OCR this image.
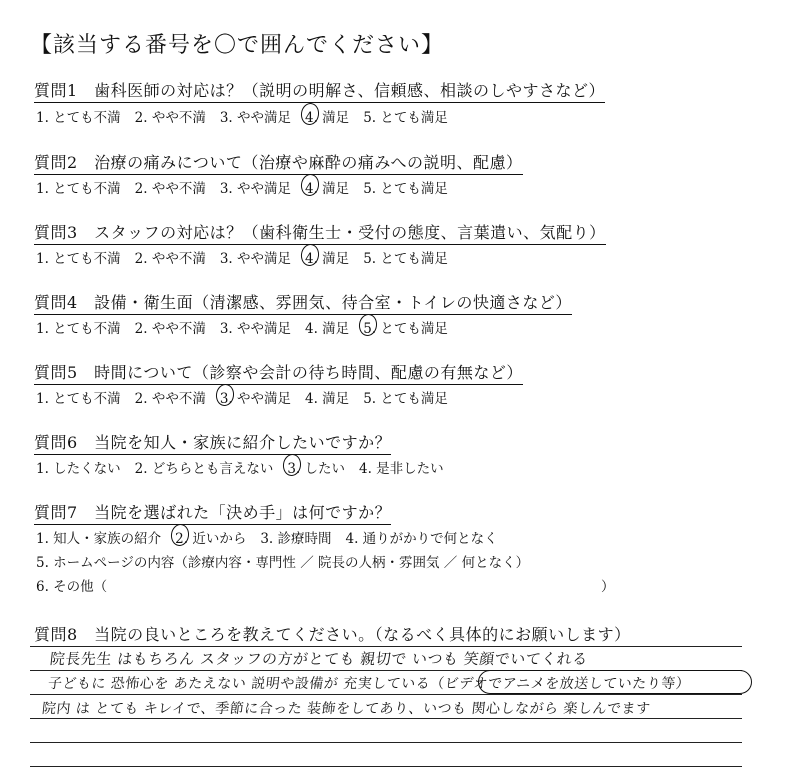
【該当する番号を〇で囲んでください】
質問1　歯科医師の対応は？（説明の明解さ、信頼感、相談のしやすさなど）
1. とても不満 2. やや不満 3. やや満足 4. 満足 5. とても満足
質問2　治療の痛みについて（治療や麻酔の痛みへの説明、配慮）
1. とても不満 2. やや不満 3. やや満足 4. 満足 5. とても満足
質問3　スタッフの対応は？（歯科衛生士・受付の態度、言葉遣い、気配り）
1. とても不満 2. やや不満 3. やや満足 4. 満足 5. とても満足
質問4　設備・衛生面（清潔感、雰囲気、待合室・トイレの快適さなど）
1. とても不満 2. やや不満 3. やや満足 4. 満足 5. とても満足
質問5　時間について（診察や会計の待ち時間、配慮の有無など）
1. とても不満 2. やや不満 3. やや満足 4. 満足 5. とても満足
質問6　当院を知人・家族に紹介したいですか？
1. したくない 2. どちらとも言えない 3. したい 4. 是非したい
質問7　当院を選ばれた「決め手」は何ですか？
1. 知人・家族の紹介 2. 近いから 3. 診療時間 4. 通りがかりで何となく
5. ホームページの内容（診療内容・専門性 ／ 院長の人柄・雰囲気 ／ 何となく）
6. その他（	）
質問8　当院の良いところを教えてください。（なるべく具体的にお願いします）
院長先生 はもちろん スタッフの方がとても 親切で いつも 笑顔でいてくれる
子どもに 恐怖心を あたえない 説明や設備が 充実している（ビデオでアニメを放送していたり等）
院内 は とても キレイで、季節に合った 装飾をしてあり、いつも 関心しながら 楽しんでます
